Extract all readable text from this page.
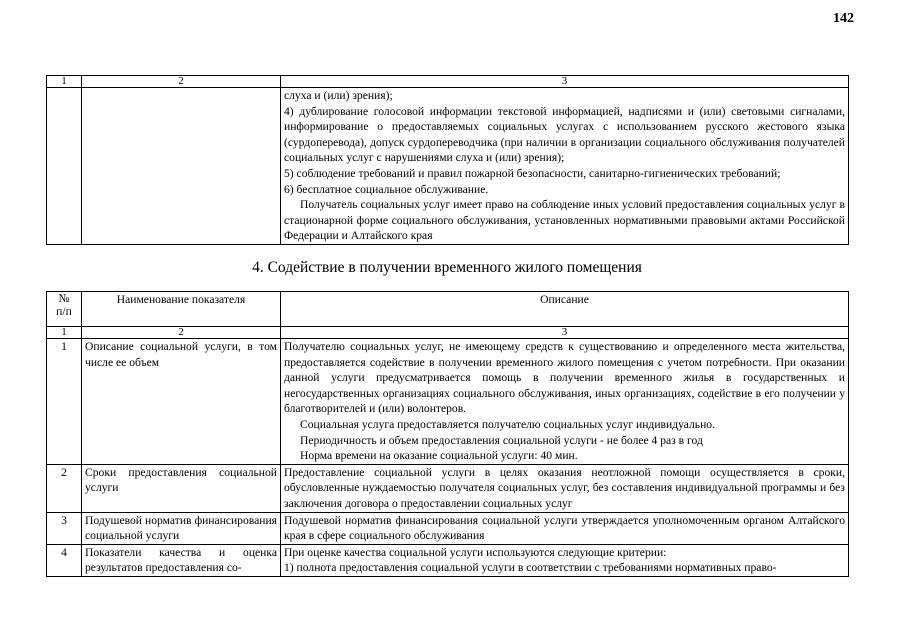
142
1	2	3

		слуха и (или) зрения);

4) дублирование голосовой информации текстовой информацией, надписями и (или) световыми сигналами, информирование о предоставляемых социальных услугах с использованием русского жестового языка (сурдоперевода), допуск сурдопереводчика (при наличии в организации социального обслуживания получателей социальных услуг с нарушениями слуха и (или) зрения);

5) соблюдение требований и правил пожарной безопасности, санитарно-гигиенических требований;

6) бесплатное социальное обслуживание.

Получатель социальных услуг имеет право на соблюдение иных условий предоставления социальных услуг в стационарной форме социального обслуживания, установленных нормативными правовыми актами Российской Федерации и Алтайского края

4. Содействие в получении временного жилого помещения
№ п/п	Наименование показателя	Описание
1	2	3
1	Описание социальной услуги, в том числе ее объем	Получателю социальных услуг, не имеющему средств к существованию и определенного места жительства, предоставляется содействие в получении временного жилого помещения с учетом потребности. При оказании данной услуги предусматривается помощь в получении временного жилья в государственных и негосударственных организациях социального обслуживания, иных организациях, содействие в его получении у благотворителей и (или) волонтеров.

Социальная услуга предоставляется получателю социальных услуг индивидуально.

Периодичность и объем предоставления социальной услуги - не более 4 раз в год

Норма времени на оказание социальной услуги: 40 мин.

2	Сроки предоставления социальной услуги	Предоставление социальной услуги в целях оказания неотложной помощи осуществляется в сроки, обусловленные нуждаемостью получателя социальных услуг, без составления индивидуальной программы и без заключения договора о предоставлении социальных услуг

3	Подушевой норматив финансирования социальной услуги	Подушевой норматив финансирования социальной услуги утверждается уполномоченным органом Алтайского края в сфере социального обслуживания

4	Показатели качества и оценка результатов предоставления со-	При оценке качества социальной услуги используются следующие критерии:

1) полнота предоставления социальной услуги в соответствии с требованиями нормативных право-
